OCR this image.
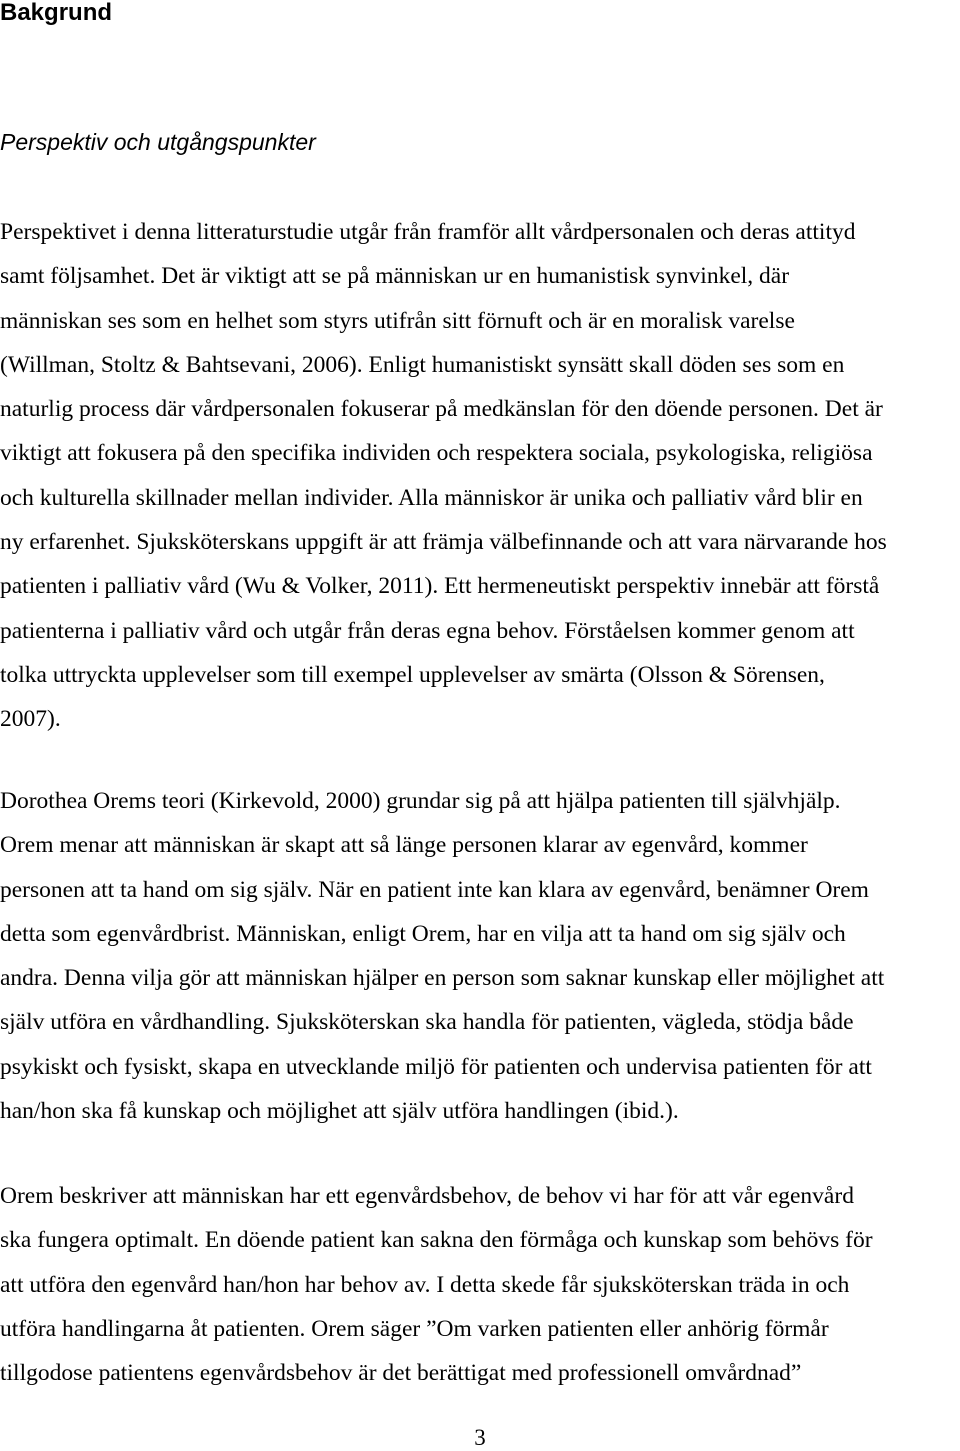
Bakgrund
Perspektiv och utgångspunkter

Perspektivet i denna litteraturstudie utgår från framför allt vårdpersonalen och deras attityd
samt följsamhet. Det är viktigt att se på människan ur en humanistisk synvinkel, där
människan ses som en helhet som styrs utifrån sitt förnuft och är en moralisk varelse
(Willman, Stoltz & Bahtsevani, 2006). Enligt humanistiskt synsätt skall döden ses som en
naturlig process där vårdpersonalen fokuserar på medkänslan för den döende personen. Det är
viktigt att fokusera på den specifika individen och respektera sociala, psykologiska, religiösa
och kulturella skillnader mellan individer. Alla människor är unika och palliativ vård blir en
ny erfarenhet. Sjuksköterskans uppgift är att främja välbefinnande och att vara närvarande hos
patienten i palliativ vård (Wu & Volker, 2011). Ett hermeneutiskt perspektiv innebär att förstå
patienterna i palliativ vård och utgår från deras egna behov. Förståelsen kommer genom att
tolka uttryckta upplevelser som till exempel upplevelser av smärta (Olsson & Sörensen,
2007).

Dorothea Orems teori (Kirkevold, 2000) grundar sig på att hjälpa patienten till självhjälp.
Orem menar att människan är skapt att så länge personen klarar av egenvård, kommer
personen att ta hand om sig själv. När en patient inte kan klara av egenvård, benämner Orem
detta som egenvårdbrist. Människan, enligt Orem, har en vilja att ta hand om sig själv och
andra. Denna vilja gör att människan hjälper en person som saknar kunskap eller möjlighet att
själv utföra en vårdhandling. Sjuksköterskan ska handla för patienten, vägleda, stödja både
psykiskt och fysiskt, skapa en utvecklande miljö för patienten och undervisa patienten för att
han/hon ska få kunskap och möjlighet att själv utföra handlingen (ibid.).

Orem beskriver att människan har ett egenvårdsbehov, de behov vi har för att vår egenvård
ska fungera optimalt. En döende patient kan sakna den förmåga och kunskap som behövs för
att utföra den egenvård han/hon har behov av. I detta skede får sjuksköterskan träda in och
utföra handlingarna åt patienten. Orem säger ”Om varken patienten eller anhörig förmår
tillgodose patientens egenvårdsbehov är det berättigat med professionell omvårdnad”

3
